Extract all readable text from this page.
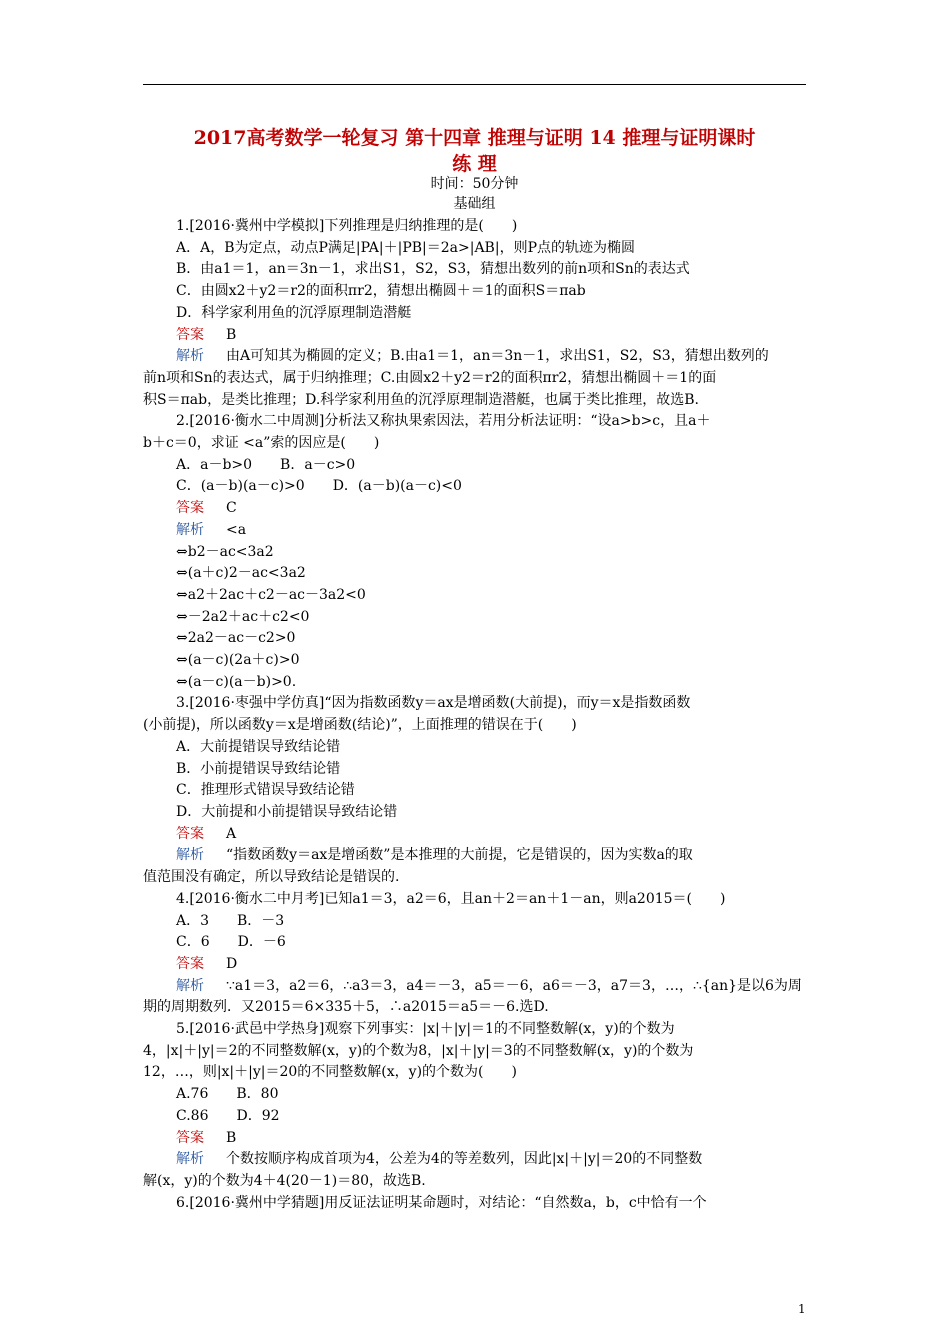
2017高考数学一轮复习 第十四章 推理与证明 14 推理与证明课时
练 理
时间：50分钟
基础组

1.[2016·冀州中学模拟]下列推理是归纳推理的是(　　)

A．A，B为定点，动点P满足|PA|＋|PB|＝2a>|AB|，则P点的轨迹为椭圆

B．由a1＝1，an＝3n－1，求出S1，S2，S3，猜想出数列的前n项和Sn的表达式

C．由圆x2＋y2＝r2的面积πr2，猜想出椭圆＋＝1的面积S＝πab

D．科学家利用鱼的沉浮原理制造潜艇

答案 B

解析 由A可知其为椭圆的定义；B.由a1＝1，an＝3n－1，求出S1，S2，S3，猜想出数列的

前n项和Sn的表达式，属于归纳推理；C.由圆x2＋y2＝r2的面积πr2，猜想出椭圆＋＝1的面

积S＝πab，是类比推理；D.科学家利用鱼的沉浮原理制造潜艇，也属于类比推理，故选B.

2.[2016·衡水二中周测]分析法又称执果索因法，若用分析法证明：“设a>b>c，且a＋

b＋c＝0，求证 <a”索的因应是(　　)

A．a－b>0　　B．a－c>0

C．(a－b)(a－c)>0　　D．(a－b)(a－c)<0

答案 C

解析 <a

⇔b2－ac<3a2

⇔(a＋c)2－ac<3a2

⇔a2＋2ac＋c2－ac－3a2<0

⇔－2a2＋ac＋c2<0

⇔2a2－ac－c2>0

⇔(a－c)(2a＋c)>0

⇔(a－c)(a－b)>0.

3.[2016·枣强中学仿真]“因为指数函数y＝ax是增函数(大前提)，而y＝x是指数函数

(小前提)，所以函数y＝x是增函数(结论)”，上面推理的错误在于(　　)

A．大前提错误导致结论错

B．小前提错误导致结论错

C．推理形式错误导致结论错

D．大前提和小前提错误导致结论错

答案 A

解析 “指数函数y＝ax是增函数”是本推理的大前提，它是错误的，因为实数a的取

值范围没有确定，所以导致结论是错误的.

4.[2016·衡水二中月考]已知a1＝3，a2＝6，且an＋2＝an＋1－an，则a2015＝(　　)

A．3　　B．－3

C．6　　D．－6

答案 D

解析 ∵a1＝3，a2＝6，∴a3＝3，a4＝－3，a5＝－6，a6＝－3，a7＝3，…，∴{an}是以6为周

期的周期数列．又2015＝6×335＋5，∴a2015＝a5＝－6.选D.

5.[2016·武邑中学热身]观察下列事实：|x|＋|y|＝1的不同整数解(x，y)的个数为

4，|x|＋|y|＝2的不同整数解(x，y)的个数为8，|x|＋|y|＝3的不同整数解(x，y)的个数为

12，…，则|x|＋|y|＝20的不同整数解(x，y)的个数为(　　)

A.76　　B．80

C.86　　D．92

答案 B

解析 个数按顺序构成首项为4，公差为4的等差数列，因此|x|＋|y|＝20的不同整数

解(x，y)的个数为4＋4(20－1)＝80，故选B.

6.[2016·冀州中学猜题]用反证法证明某命题时，对结论：“自然数a，b，c中恰有一个

1
